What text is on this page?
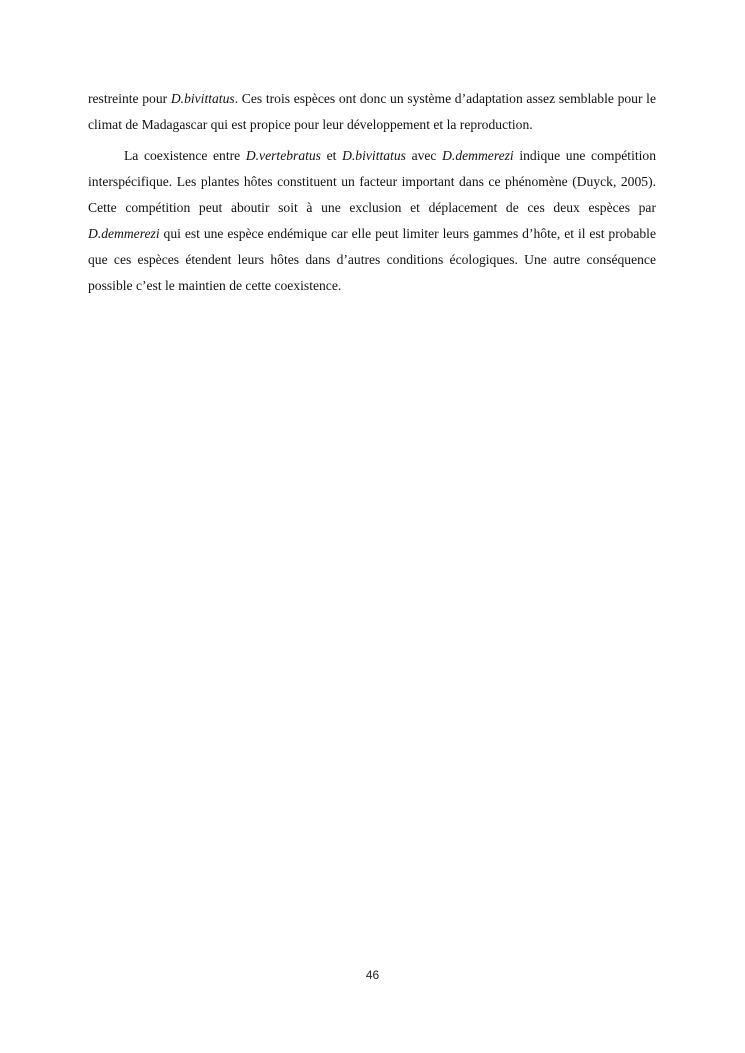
restreinte pour D.bivittatus. Ces trois espèces ont donc un système d’adaptation assez semblable pour le climat de Madagascar qui est propice pour leur développement et la reproduction.

La coexistence entre D.vertebratus et D.bivittatus avec D.demmerezi indique une compétition interspécifique. Les plantes hôtes constituent un facteur important dans ce phénomène (Duyck, 2005). Cette compétition peut aboutir soit à une exclusion et déplacement de ces deux espèces par D.demmerezi qui est une espèce endémique car elle peut limiter leurs gammes d’hôte, et il est probable que ces espèces étendent leurs hôtes dans d’autres conditions écologiques. Une autre conséquence possible c’est le maintien de cette coexistence.

46
